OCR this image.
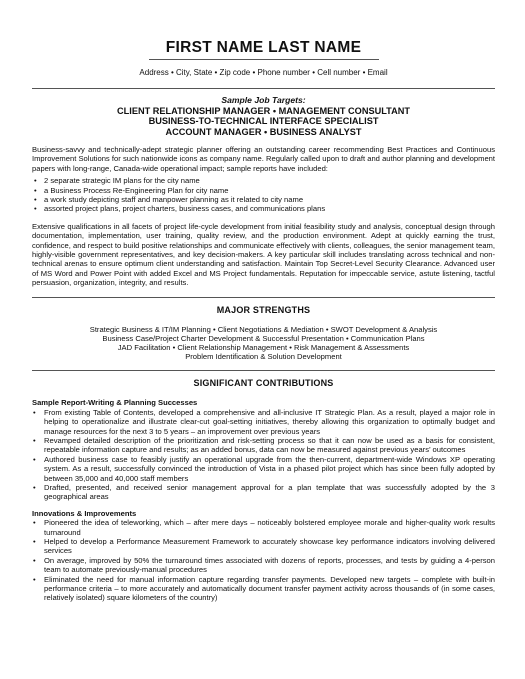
FIRST NAME LAST NAME
Address • City, State • Zip code • Phone number • Cell number • Email
Sample Job Targets:
CLIENT RELATIONSHIP MANAGER • MANAGEMENT CONSULTANT
BUSINESS-TO-TECHNICAL INTERFACE SPECIALIST
ACCOUNT MANAGER • BUSINESS ANALYST

Business-savvy and technically-adept strategic planner offering an outstanding career recommending Best Practices and Continuous Improvement Solutions for such nationwide icons as company name. Regularly called upon to draft and author planning and development papers with long-range, Canada-wide operational impact; sample reports have included:

• 2 separate strategic IM plans for the city name
• a Business Process Re-Engineering Plan for city name
• a work study depicting staff and manpower planning as it related to city name
• assorted project plans, project charters, business cases, and communications plans

Extensive qualifications in all facets of project life-cycle development from initial feasibility study and analysis, conceptual design through documentation, implementation, user training, quality review, and the production environment. Adept at quickly earning the trust, confidence, and respect to build positive relationships and communicate effectively with clients, colleagues, the senior management team, highly-visible government representatives, and key decision-makers. A key particular skill includes translating across technical and non-technical arenas to ensure optimum client understanding and satisfaction. Maintain Top Secret-Level Security Clearance. Advanced user of MS Word and Power Point with added Excel and MS Project fundamentals. Reputation for impeccable service, astute listening, tactful persuasion, organization, integrity, and results.

MAJOR STRENGTHS
Strategic Business & IT/IM Planning • Client Negotiations & Mediation • SWOT Development & Analysis
Business Case/Project Charter Development & Successful Presentation • Communication Plans
JAD Facilitation • Client Relationship Management • Risk Management & Assessments
Problem Identification & Solution Development
SIGNIFICANT CONTRIBUTIONS
Sample Report-Writing & Planning Successes
• From existing Table of Contents, developed a comprehensive and all-inclusive IT Strategic Plan. As a result, played a major role in helping to operationalize and illustrate clear-cut goal-setting initiatives, thereby allowing this organization to optimally budget and manage resources for the next 3 to 5 years – an improvement over previous years
• Revamped detailed description of the prioritization and risk-setting process so that it can now be used as a basis for consistent, repeatable information capture and results; as an added bonus, data can now be measured against previous years’ outcomes
• Authored business case to feasibly justify an operational upgrade from the then-current, department-wide Windows XP operating system. As a result, successfully convinced the introduction of Vista in a phased pilot project which has since been fully adopted by between 35,000 and 40,000 staff members
• Drafted, presented, and received senior management approval for a plan template that was successfully adopted by the 3 geographical areas
Innovations & Improvements
• Pioneered the idea of teleworking, which – after mere days – noticeably bolstered employee morale and higher-quality work results turnaround
• Helped to develop a Performance Measurement Framework to accurately showcase key performance indicators involving delivered services
• On average, improved by 50% the turnaround times associated with dozens of reports, processes, and tests by guiding a 4-person team to automate previously-manual procedures
• Eliminated the need for manual information capture regarding transfer payments. Developed new targets – complete with built-in performance criteria – to more accurately and automatically document transfer payment activity across thousands of (in some cases, relatively isolated) square kilometers of the country)
